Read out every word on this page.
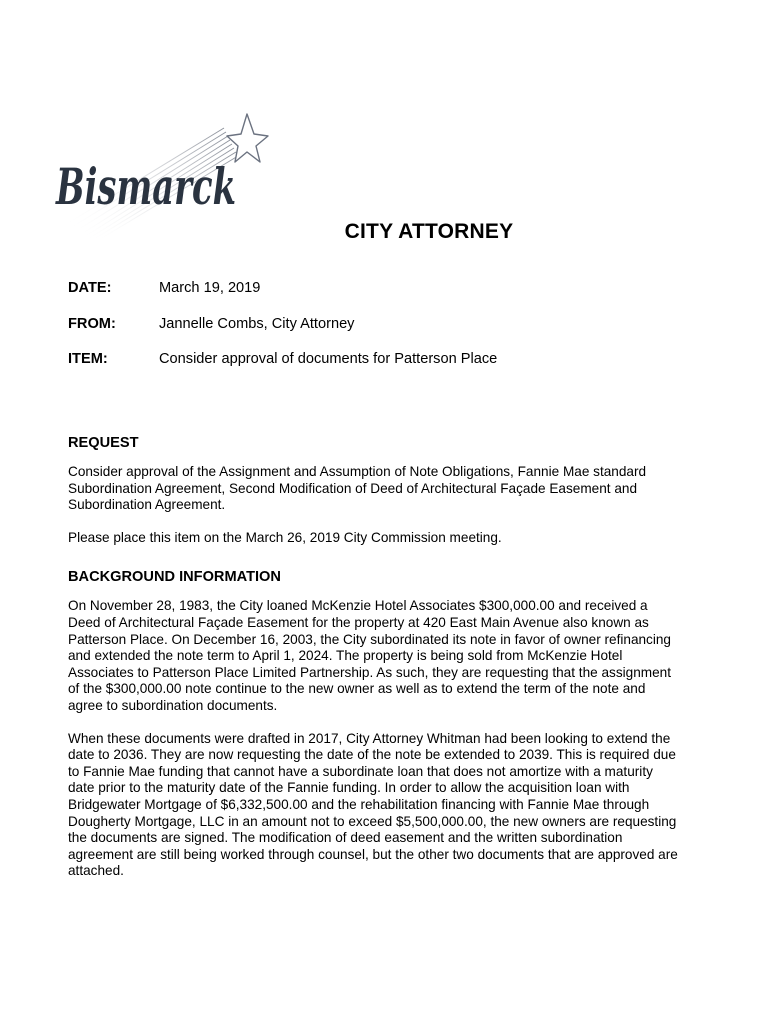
Bismarck
CITY ATTORNEY
DATE:	March 19, 2019
FROM:	Jannelle Combs, City Attorney
ITEM:	Consider approval of documents for Patterson Place
REQUEST

Consider approval of the Assignment and Assumption of Note Obligations, Fannie Mae standard Subordination Agreement, Second Modification of Deed of Architectural Façade Easement and Subordination Agreement.

Please place this item on the March 26, 2019 City Commission meeting.

BACKGROUND INFORMATION

On November 28, 1983, the City loaned McKenzie Hotel Associates $300,000.00 and received a Deed of Architectural Façade Easement for the property at 420 East Main Avenue also known as Patterson Place. On December 16, 2003, the City subordinated its note in favor of owner refinancing and extended the note term to April 1, 2024. The property is being sold from McKenzie Hotel Associates to Patterson Place Limited Partnership. As such, they are requesting that the assignment of the $300,000.00 note continue to the new owner as well as to extend the term of the note and agree to subordination documents.

When these documents were drafted in 2017, City Attorney Whitman had been looking to extend the date to 2036. They are now requesting the date of the note be extended to 2039. This is required due to Fannie Mae funding that cannot have a subordinate loan that does not amortize with a maturity date prior to the maturity date of the Fannie funding. In order to allow the acquisition loan with Bridgewater Mortgage of $6,332,500.00 and the rehabilitation financing with Fannie Mae through Dougherty Mortgage, LLC in an amount not to exceed $5,500,000.00, the new owners are requesting the documents are signed. The modification of deed easement and the written subordination agreement are still being worked through counsel, but the other two documents that are approved are attached.
